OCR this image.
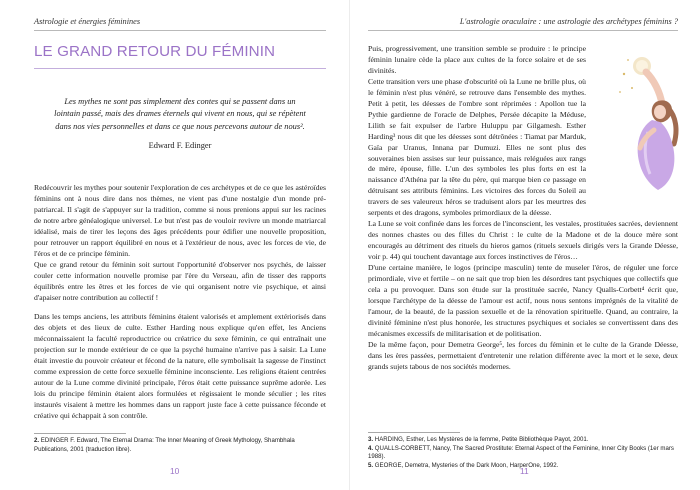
Astrologie et énergies féminines
LE GRAND RETOUR DU FÉMININ
Les mythes ne sont pas simplement des contes qui se passent dans un lointain passé, mais des drames éternels qui vivent en nous, qui se répètent dans nos vies personnelles et dans ce que nous percevons autour de nous².
Edward F. Edinger

Redécouvrir les mythes pour soutenir l'exploration de ces archétypes et de ce que les astéroïdes féminins ont à nous dire dans nos thèmes, ne vient pas d'une nostalgie d'un monde pré-patriarcal. Il s'agit de s'appuyer sur la tradition, comme si nous prenions appui sur les racines de notre arbre généalogique universel. Le but n'est pas de vouloir revivre un monde matriarcal idéalisé, mais de tirer les leçons des âges précédents pour édifier une nouvelle proposition, pour retrouver un rapport équilibré en nous et à l'extérieur de nous, avec les forces de vie, de l'éros et de ce principe féminin.

Que ce grand retour du féminin soit surtout l'opportunité d'observer nos psychés, de laisser couler cette information nouvelle promise par l'ère du Verseau, afin de tisser des rapports équilibrés entre les êtres et les forces de vie qui organisent notre vie psychique, et ainsi d'apaiser notre contribution au collectif !

Dans les temps anciens, les attributs féminins étaient valorisés et amplement extériorisés dans des objets et des lieux de culte. Esther Harding nous explique qu'en effet, les Anciens méconnaissaient la faculté reproductrice ou créatrice du sexe féminin, ce qui entraînait une projection sur le monde extérieur de ce que la psyché humaine n'arrive pas à saisir. La Lune était investie du pouvoir créateur et fécond de la nature, elle symbolisait la sagesse de l'instinct comme expression de cette force sexuelle féminine inconsciente. Les religions étaient centrées autour de la Lune comme divinité principale, l'éros était cette puissance suprême adorée. Les lois du principe féminin étaient alors formulées et régissaient le monde séculier ; les rites instaurés visaient à mettre les hommes dans un rapport juste face à cette puissance féconde et créative qui échappait à son contrôle.

2. EDINGER F. Edward, The Eternal Drama: The Inner Meaning of Greek Mythology, Shambhala Publications, 2001 (traduction libre).

10
L'astrologie oraculaire : une astrologie des archétypes féminins ?

Puis, progressivement, une transition semble se produire : le principe féminin lunaire cède la place aux cultes de la force solaire et de ses divinités.

Cette transition vers une phase d'obscurité où la Lune ne brille plus, où le féminin n'est plus vénéré, se retrouve dans l'ensemble des mythes. Petit à petit, les déesses de l'ombre sont réprimées : Apollon tue la Pythie gardienne de l'oracle de Delphes, Persée décapite la Méduse, Lilith se fait expulser de l'arbre Huluppu par Gilgamesh. Esther Harding³ nous dit que les déesses sont détrônées : Tiamat par Marduk, Gaïa par Uranus, Innana par Dumuzi. Elles ne sont plus des souveraines bien assises sur leur puissance, mais reléguées aux rangs de mère, épouse, fille. L'un des symboles les plus forts en est la naissance d'Athéna par la tête du père, qui marque bien ce passage en détruisant ses attributs féminins. Les victoires des forces du Soleil au travers de ses valeureux héros se traduisent alors par les meurtres des serpents et des dragons, symboles primordiaux de la déesse.

La Lune se voit confinée dans les forces de l'inconscient, les vestales, prostituées sacrées, deviennent des nonnes chastes ou des filles du Christ : le culte de la Madone et de la douce mère sont encouragés au détriment des rituels du hieros gamos (rituels sexuels dirigés vers la Grande Déesse, voir p. 44) qui touchent davantage aux forces instinctives de l'éros…

D'une certaine manière, le logos (principe masculin) tente de museler l'éros, de réguler une force primordiale, vive et fertile – on ne sait que trop bien les désordres tant psychiques que collectifs que cela a pu provoquer. Dans son étude sur la prostituée sacrée, Nancy Qualls-Corbett⁴ écrit que, lorsque l'archétype de la déesse de l'amour est actif, nous nous sentons imprégnés de la vitalité de l'amour, de la beauté, de la passion sexuelle et de la rénovation spirituelle. Quand, au contraire, la divinité féminine n'est plus honorée, les structures psychiques et sociales se convertissent dans des mécanismes excessifs de militarisation et de politisation.

De la même façon, pour Demetra George⁵, les forces du féminin et le culte de la Grande Déesse, dans les ères passées, permettaient d'entretenir une relation différente avec la mort et le sexe, deux grands sujets tabous de nos sociétés modernes.

3. HARDING, Esther, Les Mystères de la femme, Petite Bibliothèque Payot, 2001.

4. QUALLS-CORBETT, Nancy, The Sacred Prostitute: Eternal Aspect of the Feminine, Inner City Books (1er mars 1988).

5. GEORGE, Demetra, Mysteries of the Dark Moon, HarperOne, 1992.

11
